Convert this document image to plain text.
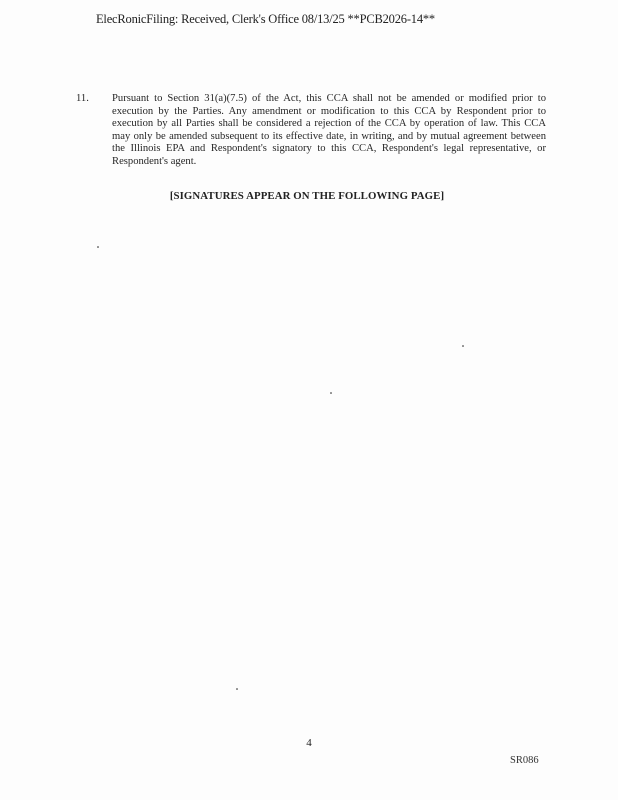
ElecRonicFiling: Received, Clerk's Office 08/13/25 **PCB2026-14**
11. Pursuant to Section 31(a)(7.5) of the Act, this CCA shall not be amended or modified prior to execution by the Parties. Any amendment or modification to this CCA by Respondent prior to execution by all Parties shall be considered a rejection of the CCA by operation of law. This CCA may only be amended subsequent to its effective date, in writing, and by mutual agreement between the Illinois EPA and Respondent's signatory to this CCA, Respondent's legal representative, or Respondent's agent.
[SIGNATURES APPEAR ON THE FOLLOWING PAGE]
4
SR086
